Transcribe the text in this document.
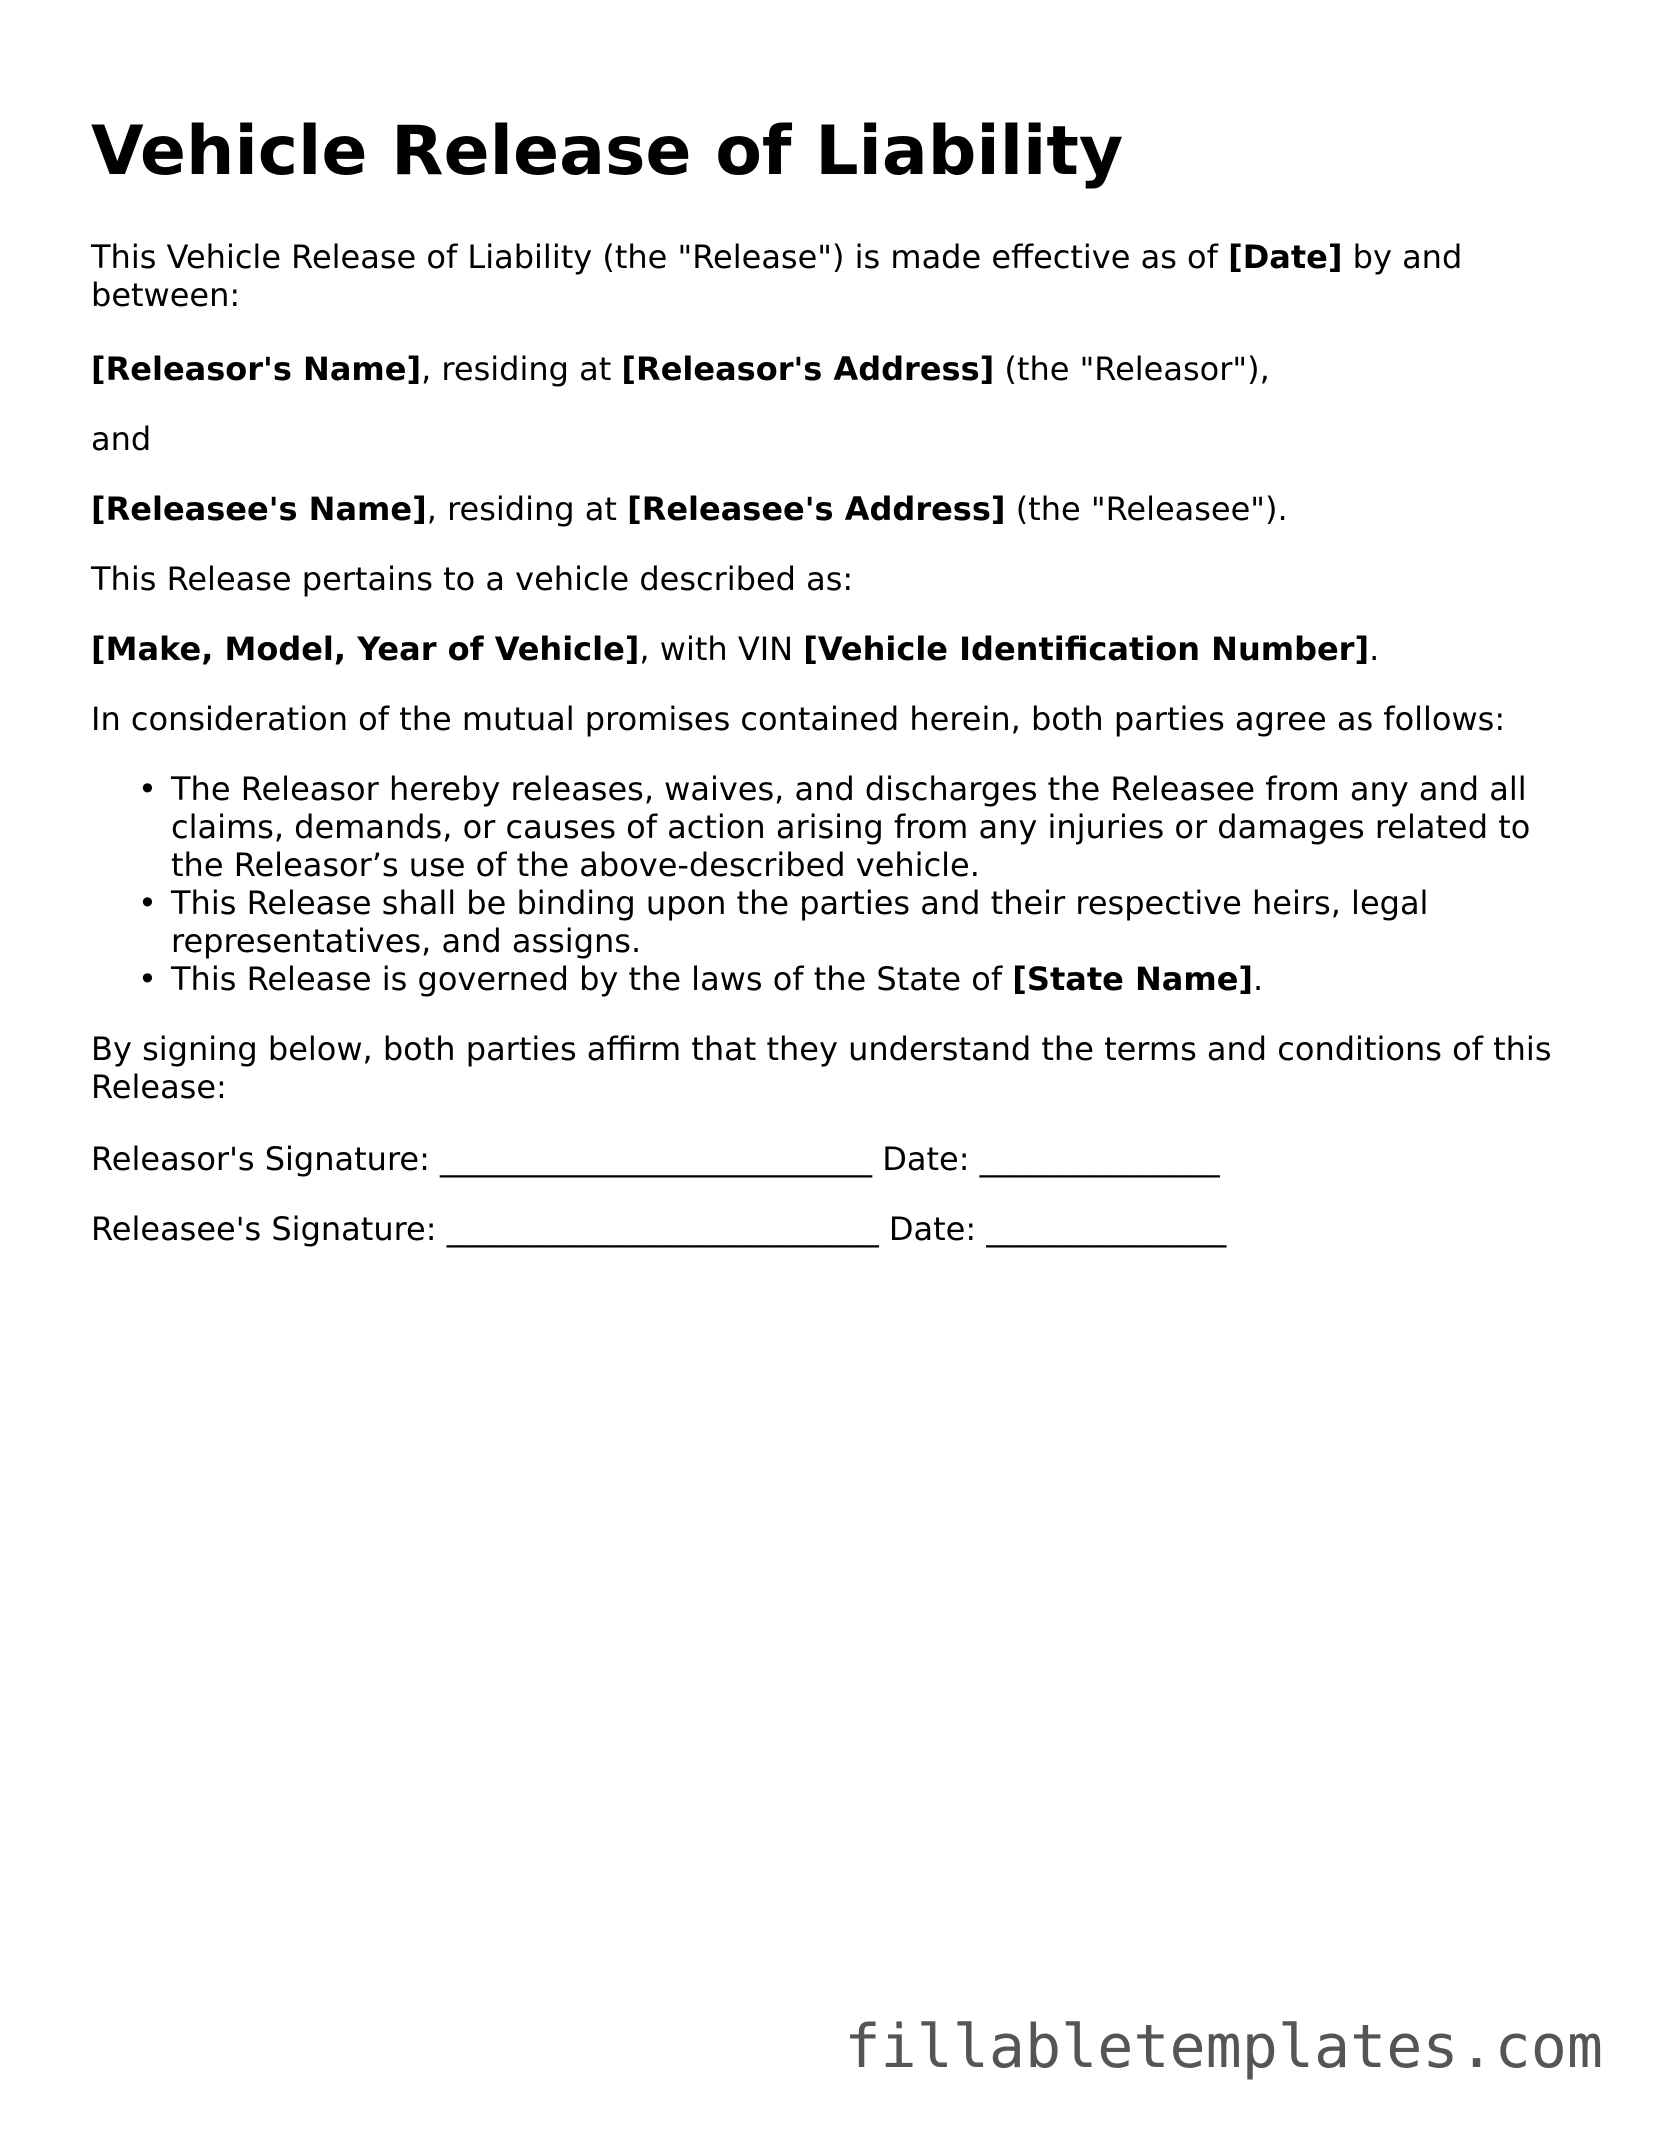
Vehicle Release of Liability

This Vehicle Release of Liability (the "Release") is made effective as of [Date] by and between:

[Releasor's Name], residing at [Releasor's Address] (the "Releasor"),

and

[Releasee's Name], residing at [Releasee's Address] (the "Releasee").

This Release pertains to a vehicle described as:

[Make, Model, Year of Vehicle], with VIN [Vehicle Identification Number].

In consideration of the mutual promises contained herein, both parties agree as follows:

• The Releasor hereby releases, waives, and discharges the Releasee from any and all claims, demands, or causes of action arising from any injuries or damages related to the Releasor’s use of the above-described vehicle.
• This Release shall be binding upon the parties and their respective heirs, legal representatives, and assigns.
• This Release is governed by the laws of the State of [State Name].

By signing below, both parties affirm that they understand the terms and conditions of this Release:

Releasor's Signature: ___________________________ Date: _______________

Releasee's Signature: ___________________________ Date: _______________

fillabletemplates.com
